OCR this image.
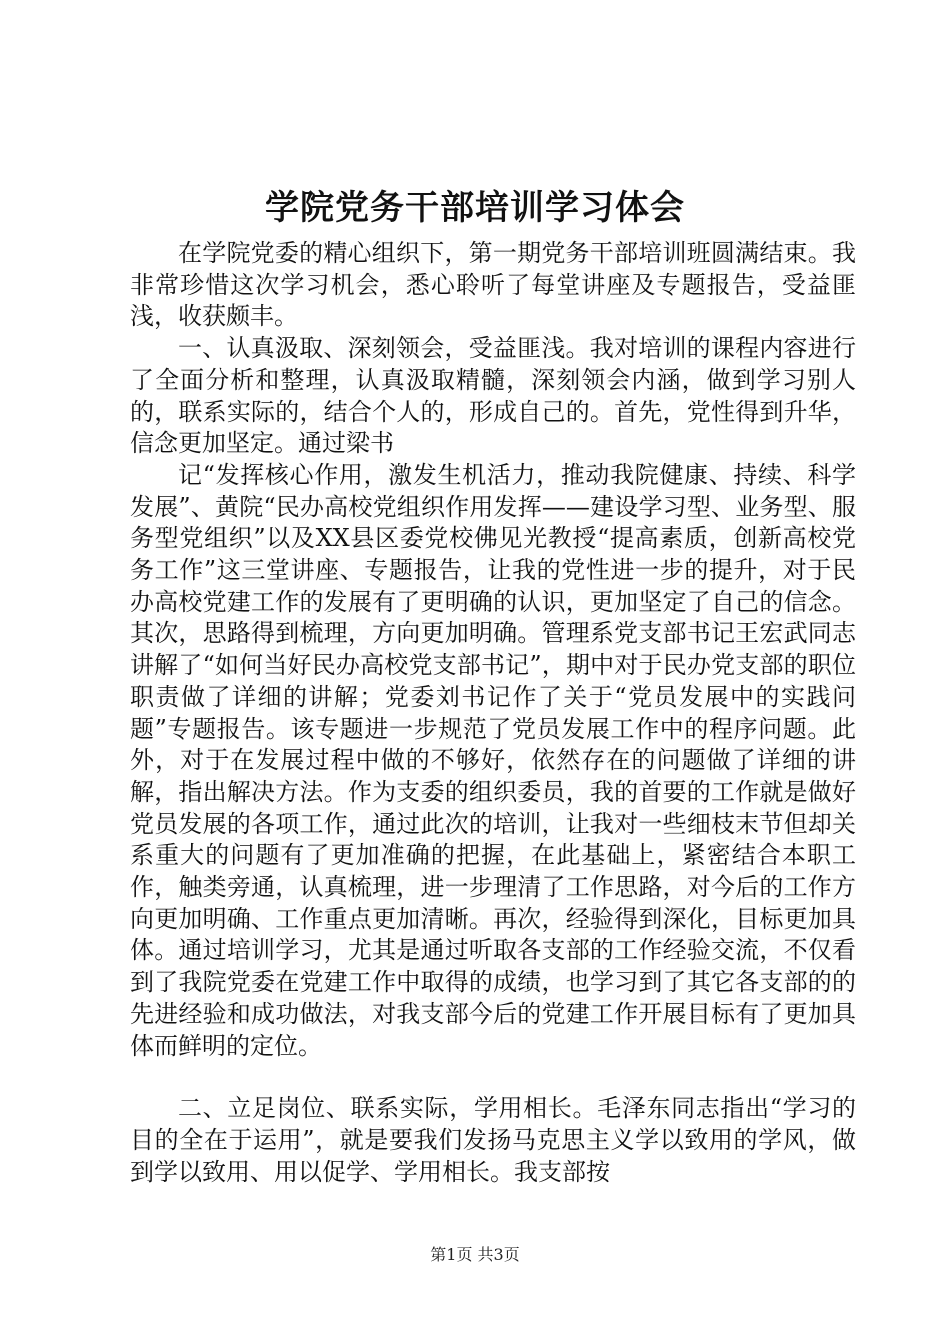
学院党务干部培训学习体会

在学院党委的精心组织下，第一期党务干部培训班圆满结束。我非常珍惜这次学习机会，悉心聆听了每堂讲座及专题报告，受益匪浅，收获颇丰。

一、认真汲取、深刻领会，受益匪浅。我对培训的课程内容进行了全面分析和整理，认真汲取精髓，深刻领会内涵，做到学习别人的，联系实际的，结合个人的，形成自己的。首先，党性得到升华，信念更加坚定。通过梁书

记“发挥核心作用，激发生机活力，推动我院健康、持续、科学发展”、黄院“民办高校党组织作用发挥——建设学习型、业务型、服务型党组织”以及XX县区委党校佛见光教授“提高素质，创新高校党务工作”这三堂讲座、专题报告，让我的党性进一步的提升，对于民办高校党建工作的发展有了更明确的认识，更加坚定了自己的信念。其次，思路得到梳理，方向更加明确。管理系党支部书记王宏武同志讲解了“如何当好民办高校党支部书记”，期中对于民办党支部的职位职责做了详细的讲解；党委刘书记作了关于“党员发展中的实践问题”专题报告。该专题进一步规范了党员发展工作中的程序问题。此外，对于在发展过程中做的不够好，依然存在的问题做了详细的讲解，指出解决方法。作为支委的组织委员，我的首要的工作就是做好党员发展的各项工作，通过此次的培训，让我对一些细枝末节但却关系重大的问题有了更加准确的把握，在此基础上，紧密结合本职工作，触类旁通，认真梳理，进一步理清了工作思路，对今后的工作方向更加明确、工作重点更加清晰。再次，经验得到深化，目标更加具体。通过培训学习，尤其是通过听取各支部的工作经验交流，不仅看到了我院党委在党建工作中取得的成绩，也学习到了其它各支部的的先进经验和成功做法，对我支部今后的党建工作开展目标有了更加具体而鲜明的定位。

二、立足岗位、联系实际，学用相长。毛泽东同志指出“学习的目的全在于运用”，就是要我们发扬马克思主义学以致用的学风，做到学以致用、用以促学、学用相长。我支部按

第1页 共3页
